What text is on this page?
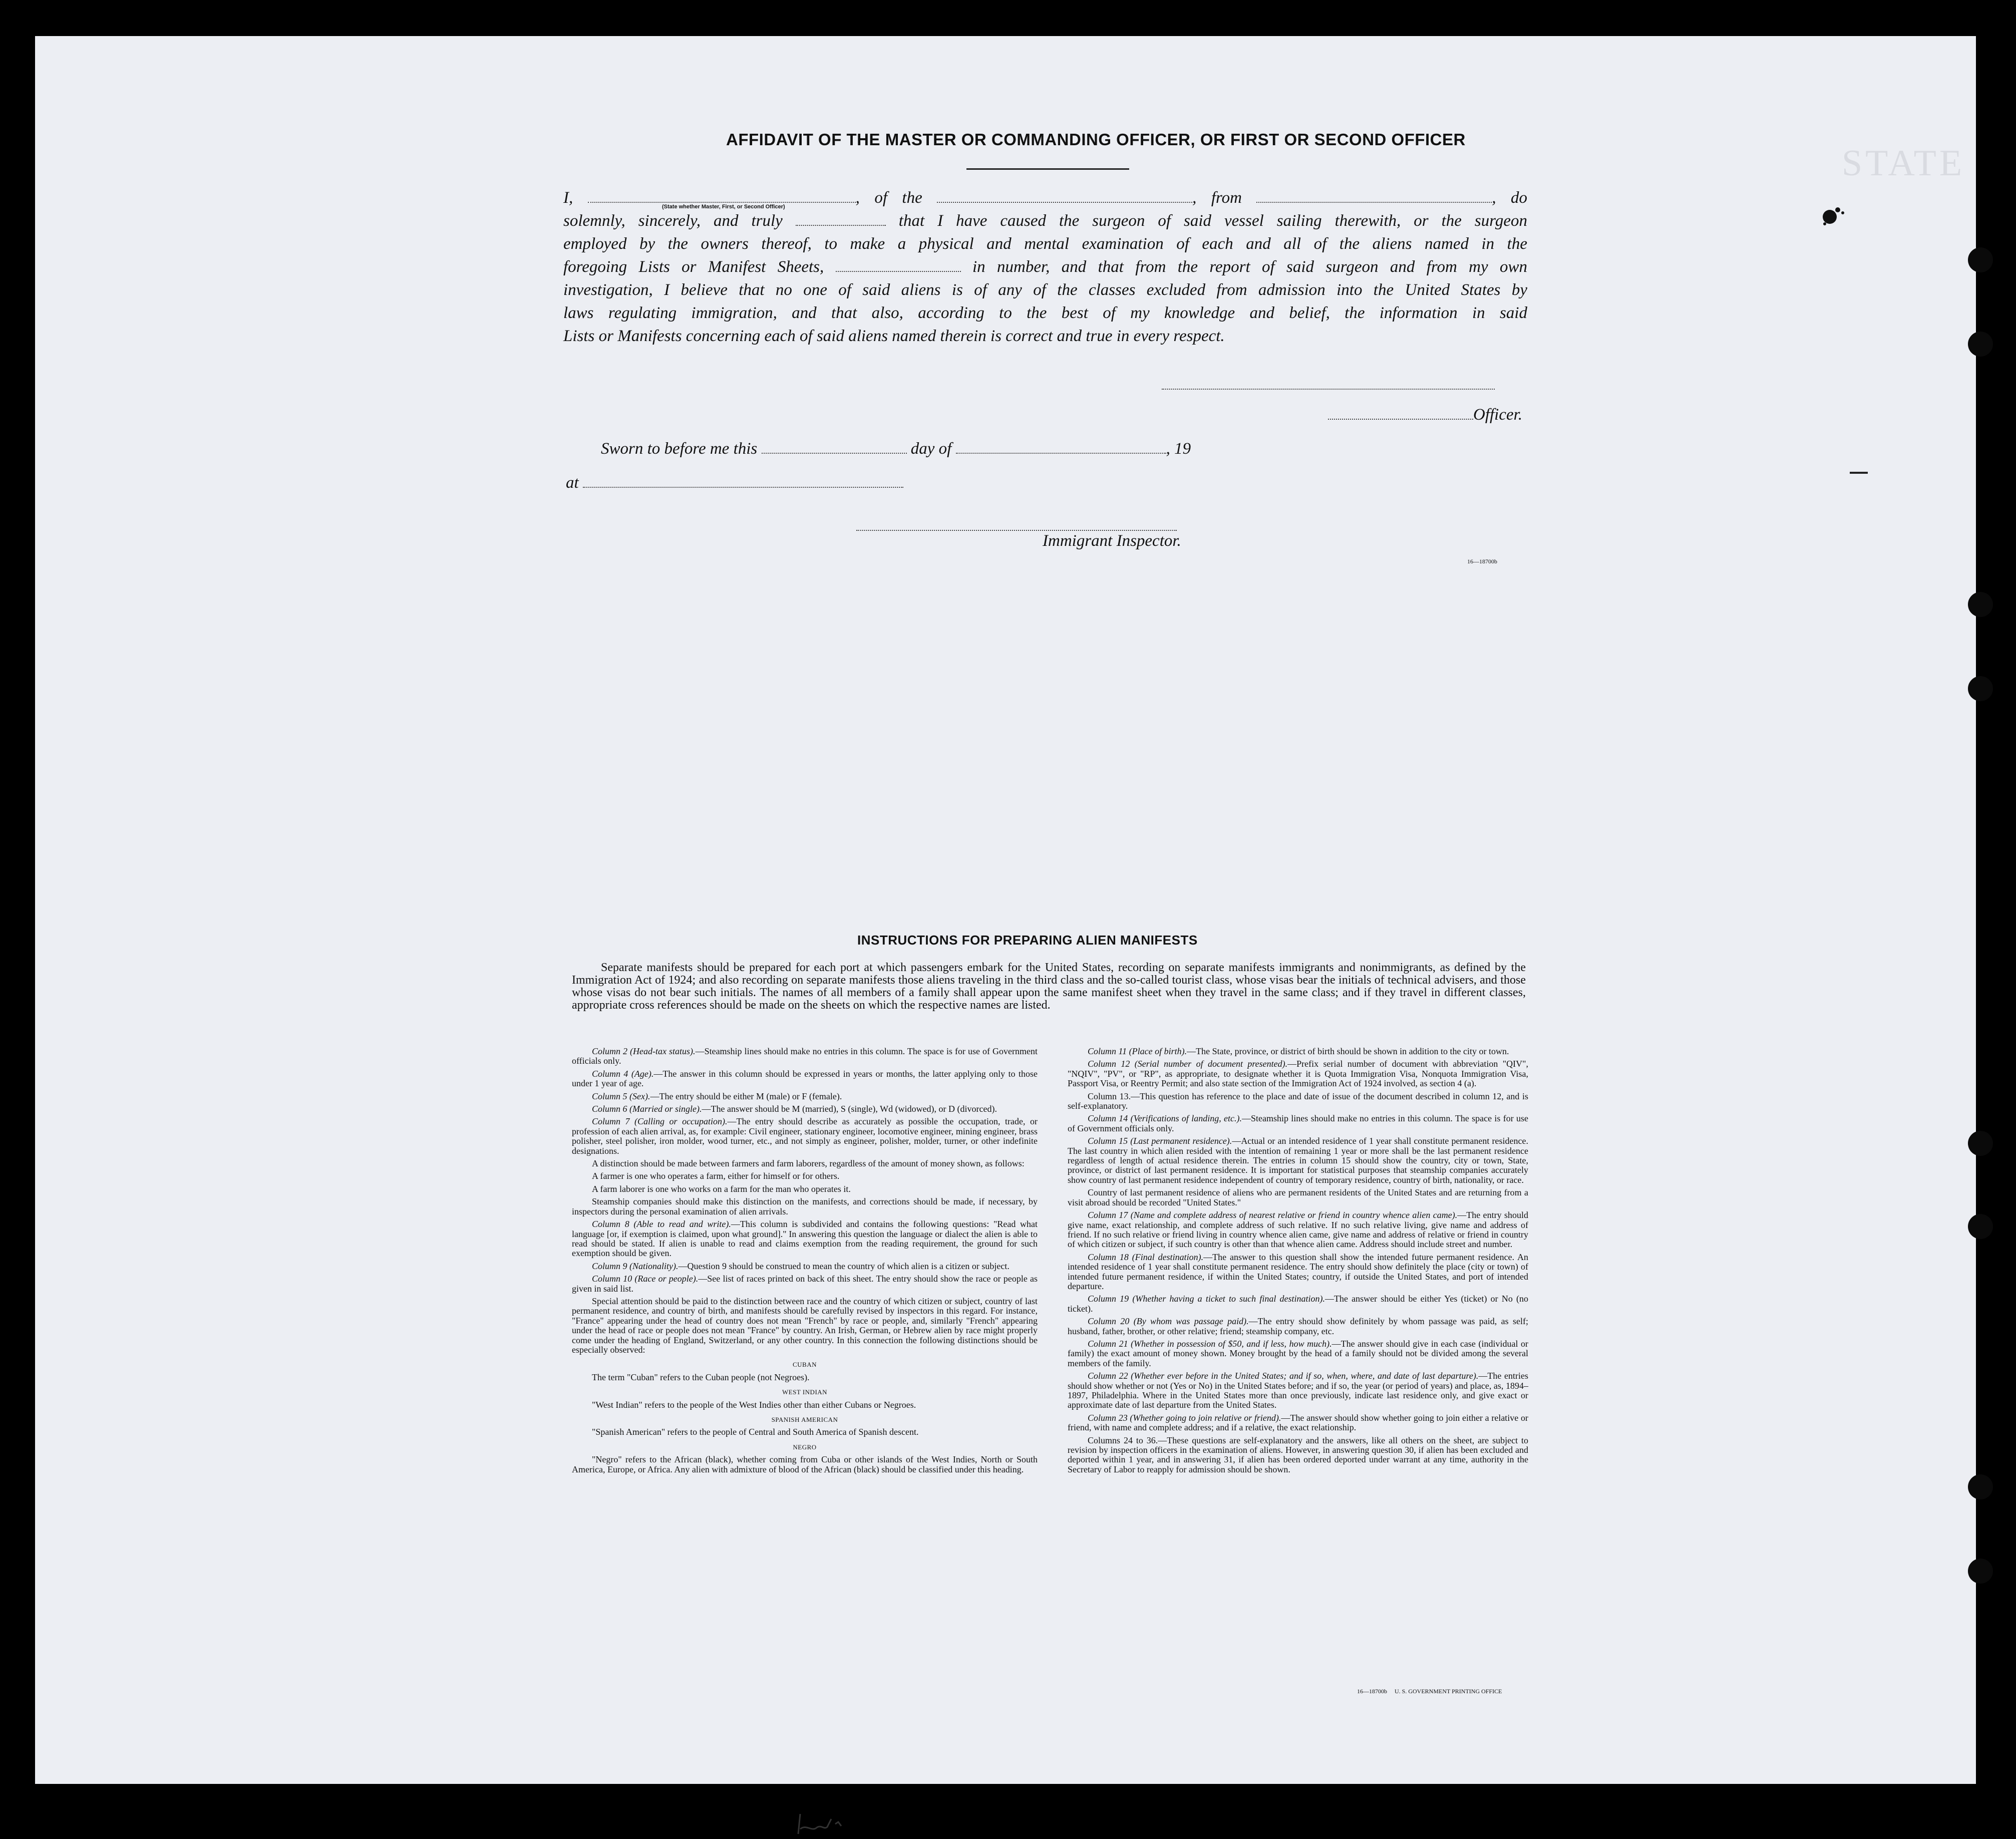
STATE
AFFIDAVIT OF THE MASTER OR COMMANDING OFFICER, OR FIRST OR SECOND OFFICER
(State whether Master, First, or Second Officer)
I,	, of the	, from	, do
solemnly, sincerely, and truly	that I have caused the surgeon of said vessel sailing therewith, or the surgeon
employed by the owners thereof, to make a physical and mental examination of each and all of the aliens named in the
foregoing Lists or Manifest Sheets,	in number, and that from the report of said surgeon and from my own
investigation, I believe that no one of said aliens is of any of the classes excluded from admission into the United States by
laws regulating immigration, and that also, according to the best of my knowledge and belief, the information in said
Lists or Manifests concerning each of said aliens named therein is correct and true in every respect.
Officer.
Sworn to before me this	day of	, 19
at
Immigrant Inspector.
16—18700b
INSTRUCTIONS FOR PREPARING ALIEN MANIFESTS
Separate manifests should be prepared for each port at which passengers embark for the United States, recording on separate manifests immigrants and nonimmigrants, as defined by the Immigration Act of 1924; and also recording on separate manifests those aliens traveling in the third class and the so-called tourist class, whose visas bear the initials of technical advisers, and those whose visas do not bear such initials. The names of all members of a family shall appear upon the same manifest sheet when they travel in the same class; and if they travel in different classes, appropriate cross references should be made on the sheets on which the respective names are listed.

Column 2 (Head-tax status).—Steamship lines should make no entries in this column. The space is for use of Government officials only.

Column 4 (Age).—The answer in this column should be expressed in years or months, the latter applying only to those under 1 year of age.

Column 5 (Sex).—The entry should be either M (male) or F (female).

Column 6 (Married or single).—The answer should be M (married), S (single), Wd (widowed), or D (divorced).

Column 7 (Calling or occupation).—The entry should describe as accurately as possible the occupation, trade, or profession of each alien arrival, as, for example: Civil engineer, stationary engineer, locomotive engineer, mining engineer, brass polisher, steel polisher, iron molder, wood turner, etc., and not simply as engineer, polisher, molder, turner, or other indefinite designations.

A distinction should be made between farmers and farm laborers, regardless of the amount of money shown, as follows:

A farmer is one who operates a farm, either for himself or for others.

A farm laborer is one who works on a farm for the man who operates it.

Steamship companies should make this distinction on the manifests, and corrections should be made, if necessary, by inspectors during the personal examination of alien arrivals.

Column 8 (Able to read and write).—This column is subdivided and contains the following questions: "Read what language [or, if exemption is claimed, upon what ground]." In answering this question the language or dialect the alien is able to read should be stated. If alien is unable to read and claims exemption from the reading requirement, the ground for such exemption should be given.

Column 9 (Nationality).—Question 9 should be construed to mean the country of which alien is a citizen or subject.

Column 10 (Race or people).—See list of races printed on back of this sheet. The entry should show the race or people as given in said list.

Special attention should be paid to the distinction between race and the country of which citizen or subject, country of last permanent residence, and country of birth, and manifests should be carefully revised by inspectors in this regard. For instance, "France" appearing under the head of country does not mean "French" by race or people, and, similarly "French" appearing under the head of race or people does not mean "France" by country. An Irish, German, or Hebrew alien by race might properly come under the heading of England, Switzerland, or any other country. In this connection the following distinctions should be especially observed:

CUBAN

The term "Cuban" refers to the Cuban people (not Negroes).

WEST INDIAN

"West Indian" refers to the people of the West Indies other than either Cubans or Negroes.

SPANISH AMERICAN

"Spanish American" refers to the people of Central and South America of Spanish descent.

NEGRO

"Negro" refers to the African (black), whether coming from Cuba or other islands of the West Indies, North or South America, Europe, or Africa. Any alien with admixture of blood of the African (black) should be classified under this heading.

Column 11 (Place of birth).—The State, province, or district of birth should be shown in addition to the city or town.

Column 12 (Serial number of document presented).—Prefix serial number of document with abbreviation "QIV", "NQIV", "PV", or "RP", as appropriate, to designate whether it is Quota Immigration Visa, Nonquota Immigration Visa, Passport Visa, or Reentry Permit; and also state section of the Immigration Act of 1924 involved, as section 4 (a).

Column 13.—This question has reference to the place and date of issue of the document described in column 12, and is self-explanatory.

Column 14 (Verifications of landing, etc.).—Steamship lines should make no entries in this column. The space is for use of Government officials only.

Column 15 (Last permanent residence).—Actual or an intended residence of 1 year shall constitute permanent residence. The last country in which alien resided with the intention of remaining 1 year or more shall be the last permanent residence regardless of length of actual residence therein. The entries in column 15 should show the country, city or town, State, province, or district of last permanent residence. It is important for statistical purposes that steamship companies accurately show country of last permanent residence independent of country of temporary residence, country of birth, nationality, or race.

Country of last permanent residence of aliens who are permanent residents of the United States and are returning from a visit abroad should be recorded "United States."

Column 17 (Name and complete address of nearest relative or friend in country whence alien came).—The entry should give name, exact relationship, and complete address of such relative. If no such relative living, give name and address of friend. If no such relative or friend living in country whence alien came, give name and address of relative or friend in country of which citizen or subject, if such country is other than that whence alien came. Address should include street and number.

Column 18 (Final destination).—The answer to this question shall show the intended future permanent residence. An intended residence of 1 year shall constitute permanent residence. The entry should show definitely the place (city or town) of intended future permanent residence, if within the United States; country, if outside the United States, and port of intended departure.

Column 19 (Whether having a ticket to such final destination).—The answer should be either Yes (ticket) or No (no ticket).

Column 20 (By whom was passage paid).—The entry should show definitely by whom passage was paid, as self; husband, father, brother, or other relative; friend; steamship company, etc.

Column 21 (Whether in possession of $50, and if less, how much).—The answer should give in each case (individual or family) the exact amount of money shown. Money brought by the head of a family should not be divided among the several members of the family.

Column 22 (Whether ever before in the United States; and if so, when, where, and date of last departure).—The entries should show whether or not (Yes or No) in the United States before; and if so, the year (or period of years) and place, as, 1894–1897, Philadelphia. Where in the United States more than once previously, indicate last residence only, and give exact or approximate date of last departure from the United States.

Column 23 (Whether going to join relative or friend).—The answer should show whether going to join either a relative or friend, with name and complete address; and if a relative, the exact relationship.

Columns 24 to 36.—These questions are self-explanatory and the answers, like all others on the sheet, are subject to revision by inspection officers in the examination of aliens. However, in answering question 30, if alien has been excluded and deported within 1 year, and in answering 31, if alien has been ordered deported under warrant at any time, authority in the Secretary of Labor to reapply for admission should be shown.

16—18700b U. S. GOVERNMENT PRINTING OFFICE
